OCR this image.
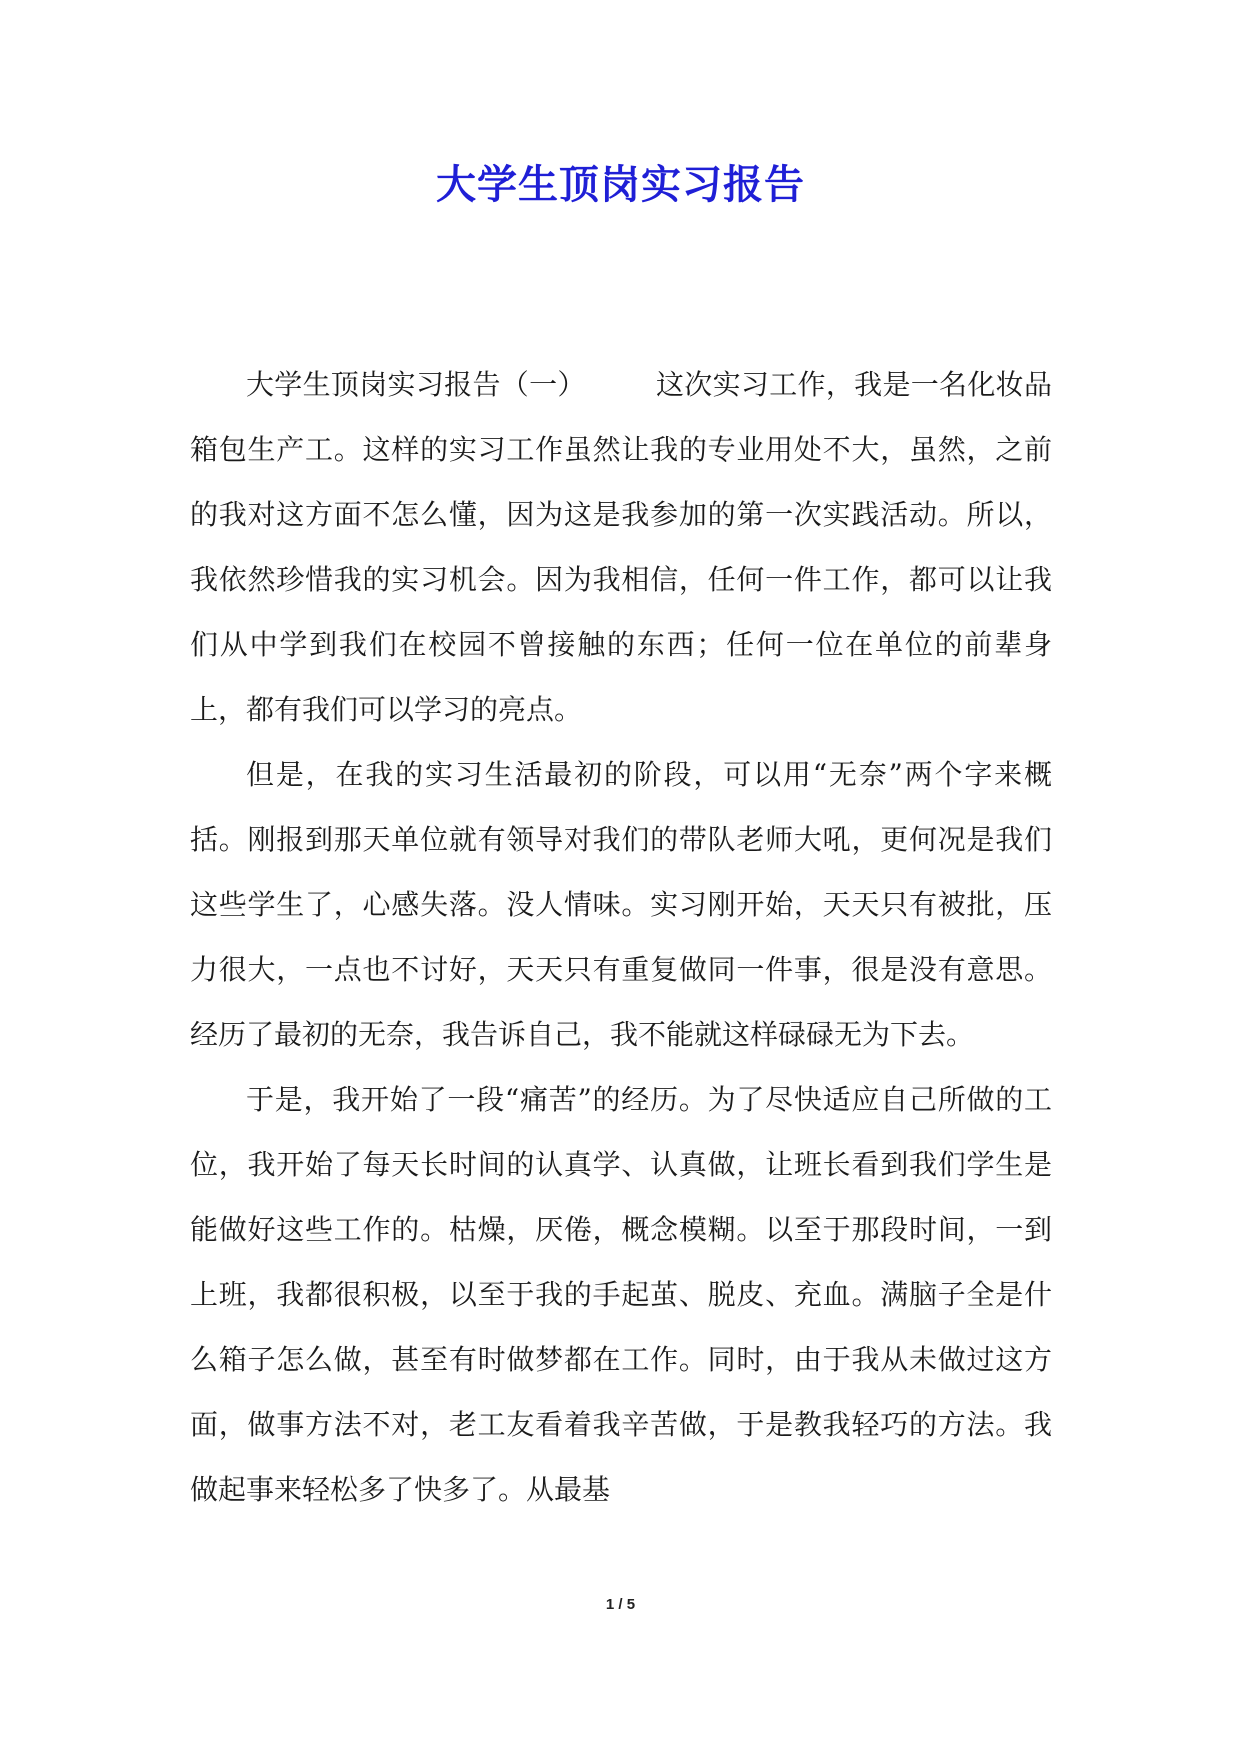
大学生顶岗实习报告

大学生顶岗实习报告（一）	这次实习工作，我是一名化妆品箱包生产工。这样的实习工作虽然让我的专业用处不大，虽然，之前的我对这方面不怎么懂，因为这是我参加的第一次实践活动。所以，我依然珍惜我的实习机会。因为我相信，任何一件工作，都可以让我们从中学到我们在校园不曾接触的东西；任何一位在单位的前辈身上，都有我们可以学习的亮点。

但是，在我的实习生活最初的阶段，可以用“无奈”两个字来概括。刚报到那天单位就有领导对我们的带队老师大吼，更何况是我们这些学生了，心感失落。没人情味。实习刚开始，天天只有被批，压力很大，一点也不讨好，天天只有重复做同一件事，很是没有意思。经历了最初的无奈，我告诉自己，我不能就这样碌碌无为下去。

于是，我开始了一段“痛苦”的经历。为了尽快适应自己所做的工位，我开始了每天长时间的认真学、认真做，让班长看到我们学生是能做好这些工作的。枯燥，厌倦，概念模糊。以至于那段时间，一到上班，我都很积极，以至于我的手起茧、脱皮、充血。满脑子全是什么箱子怎么做，甚至有时做梦都在工作。同时，由于我从未做过这方面，做事方法不对，老工友看着我辛苦做，于是教我轻巧的方法。我做起事来轻松多了快多了。从最基

1 / 5
